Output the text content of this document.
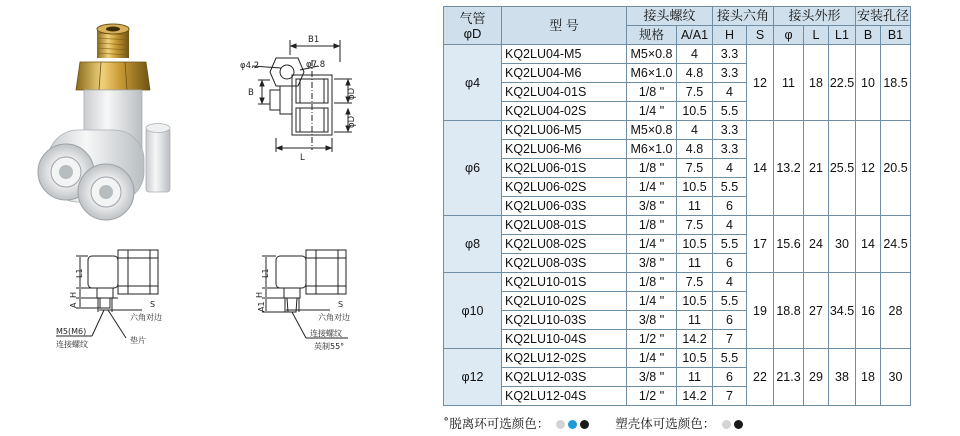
B1
φ4.2	φ7.8
B	φD
φD
L
L1
H
A	S
六角对边
M5(M6)
连接螺纹	垫片
L1
H
A1	S
六角对边
连接螺纹
英制55°
气管
φD	型 号	接头螺纹		接头六角		接头外形			安装孔径	
		规格	A/A1	H	S	φ	L	L1	B	B1
φ4	KQ2LU04-M5	M5×0.8	4	3.3	12	11	18	22.5	10	18.5
	KQ2LU04-M6	M6×1.0	4.8	3.3						
	KQ2LU04-01S	1/8 "	7.5	4						
	KQ2LU04-02S	1/4 "	10.5	5.5						
φ6	KQ2LU06-M5	M5×0.8	4	3.3	14	13.2	21	25.5	12	20.5
	KQ2LU06-M6	M6×1.0	4.8	3.3						
	KQ2LU06-01S	1/8 "	7.5	4						
	KQ2LU06-02S	1/4 "	10.5	5.5						
	KQ2LU06-03S	3/8 "	11	6						
φ8	KQ2LU08-01S	1/8 "	7.5	4	17	15.6	24	30	14	24.5
	KQ2LU08-02S	1/4 "	10.5	5.5						
	KQ2LU08-03S	3/8 "	11	6						
φ10	KQ2LU10-01S	1/8 "	7.5	4	19	18.8	27	34.5	16	28
	KQ2LU10-02S	1/4 "	10.5	5.5						
	KQ2LU10-03S	3/8 "	11	6						
	KQ2LU10-04S	1/2 "	14.2	7						
φ12	KQ2LU12-02S	1/4 "	10.5	5.5	22	21.3	29	38	18	30
	KQ2LU12-03S	3/8 "	11	6						
	KQ2LU12-04S	1/2 "	14.2	7						
˚脱离环可选颜色：	塑壳体可选颜色：
